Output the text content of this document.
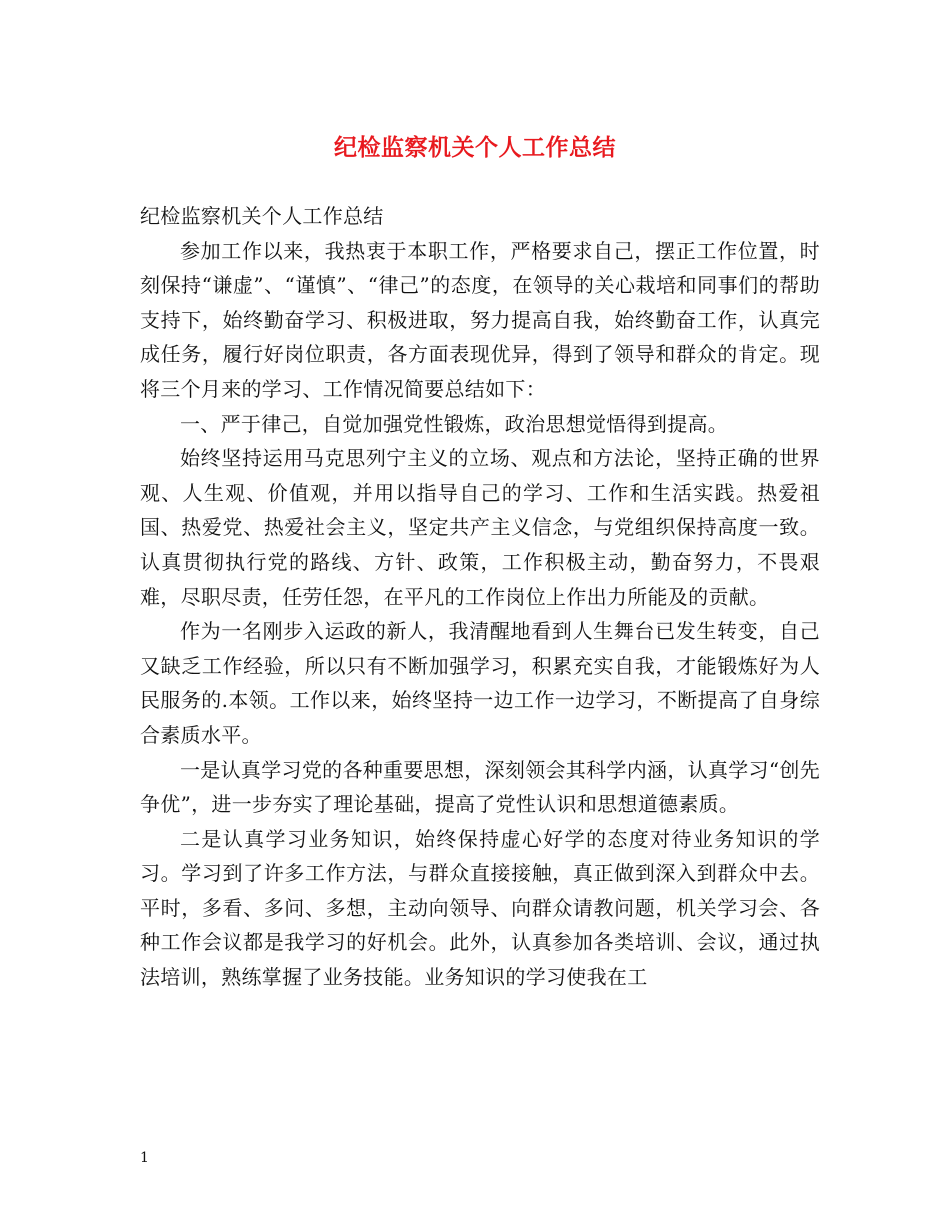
纪检监察机关个人工作总结

纪检监察机关个人工作总结

参加工作以来，我热衷于本职工作，严格要求自己，摆正工作位置，时刻保持“谦虚”、“谨慎”、“律己”的态度，在领导的关心栽培和同事们的帮助支持下，始终勤奋学习、积极进取，努力提高自我，始终勤奋工作，认真完成任务，履行好岗位职责，各方面表现优异，得到了领导和群众的肯定。现将三个月来的学习、工作情况简要总结如下：

一、严于律己，自觉加强党性锻炼，政治思想觉悟得到提高。

始终坚持运用马克思列宁主义的立场、观点和方法论，坚持正确的世界观、人生观、价值观，并用以指导自己的学习、工作和生活实践。热爱祖国、热爱党、热爱社会主义，坚定共产主义信念，与党组织保持高度一致。认真贯彻执行党的路线、方针、政策，工作积极主动，勤奋努力，不畏艰难，尽职尽责，任劳任怨，在平凡的工作岗位上作出力所能及的贡献。

作为一名刚步入运政的新人，我清醒地看到人生舞台已发生转变，自己又缺乏工作经验，所以只有不断加强学习，积累充实自我，才能锻炼好为人民服务的.本领。工作以来，始终坚持一边工作一边学习，不断提高了自身综合素质水平。

一是认真学习党的各种重要思想，深刻领会其科学内涵，认真学习“创先争优”，进一步夯实了理论基础，提高了党性认识和思想道德素质。

二是认真学习业务知识，始终保持虚心好学的态度对待业务知识的学习。学习到了许多工作方法，与群众直接接触，真正做到深入到群众中去。平时，多看、多问、多想，主动向领导、向群众请教问题，机关学习会、各种工作会议都是我学习的好机会。此外，认真参加各类培训、会议，通过执法培训，熟练掌握了业务技能。业务知识的学习使我在工

1
